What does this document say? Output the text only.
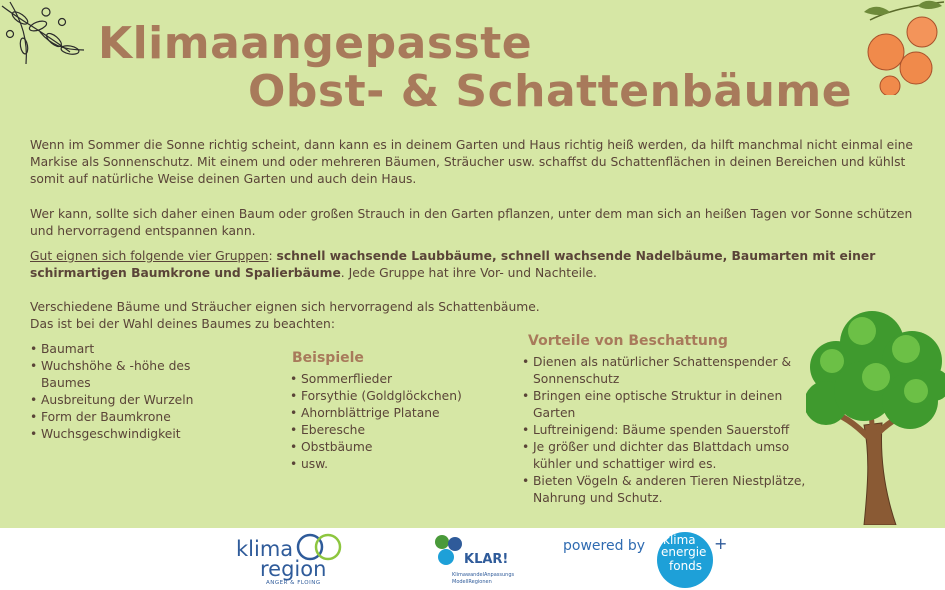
Klimaangepasste
Obst- & Schattenbäume

Wenn im Sommer die Sonne richtig scheint, dann kann es in deinem Garten und Haus richtig heiß werden, da hilft manchmal nicht einmal eine Markise als Sonnenschutz. Mit einem und oder mehreren Bäumen, Sträucher usw. schaffst du Schattenflächen in deinen Bereichen und kühlst somit auf natürliche Weise deinen Garten und auch dein Haus.

Wer kann, sollte sich daher einen Baum oder großen Strauch in den Garten pflanzen, unter dem man sich an heißen Tagen vor Sonne schützen und hervorragend entspannen kann.

Gut eignen sich folgende vier Gruppen: schnell wachsende Laubbäume, schnell wachsende Nadelbäume, Baumarten mit einer schirmartigen Baumkrone und Spalierbäume. Jede Gruppe hat ihre Vor- und Nachteile.

Verschiedene Bäume und Sträucher eignen sich hervorragend als Schattenbäume.
Das ist bei der Wahl deines Baumes zu beachten:

• Baumart
• Wuchshöhe & -höhe des Baumes
• Ausbreitung der Wurzeln
• Form der Baumkrone
• Wuchsgeschwindigkeit
Beispiele
• Sommerflieder
• Forsythie (Goldglöckchen)
• Ahornblättrige Platane
• Eberesche
• Obstbäume
• usw.
Vorteile von Beschattung
• Dienen als natürlicher Schattenspender & Sonnenschutz
• Bringen eine optische Struktur in deinen Garten
• Luftreinigend: Bäume spenden Sauerstoff
• Je größer und dichter das Blattdach umso kühler und schattiger wird es.
• Bieten Vögeln & anderen Tieren Niestplätze, Nahrung und Schutz.
klima
region
ANGER & FLOING
KLAR!
KlimawandelAnpassungs
ModellRegionen
powered by klima
energie
fonds
+
